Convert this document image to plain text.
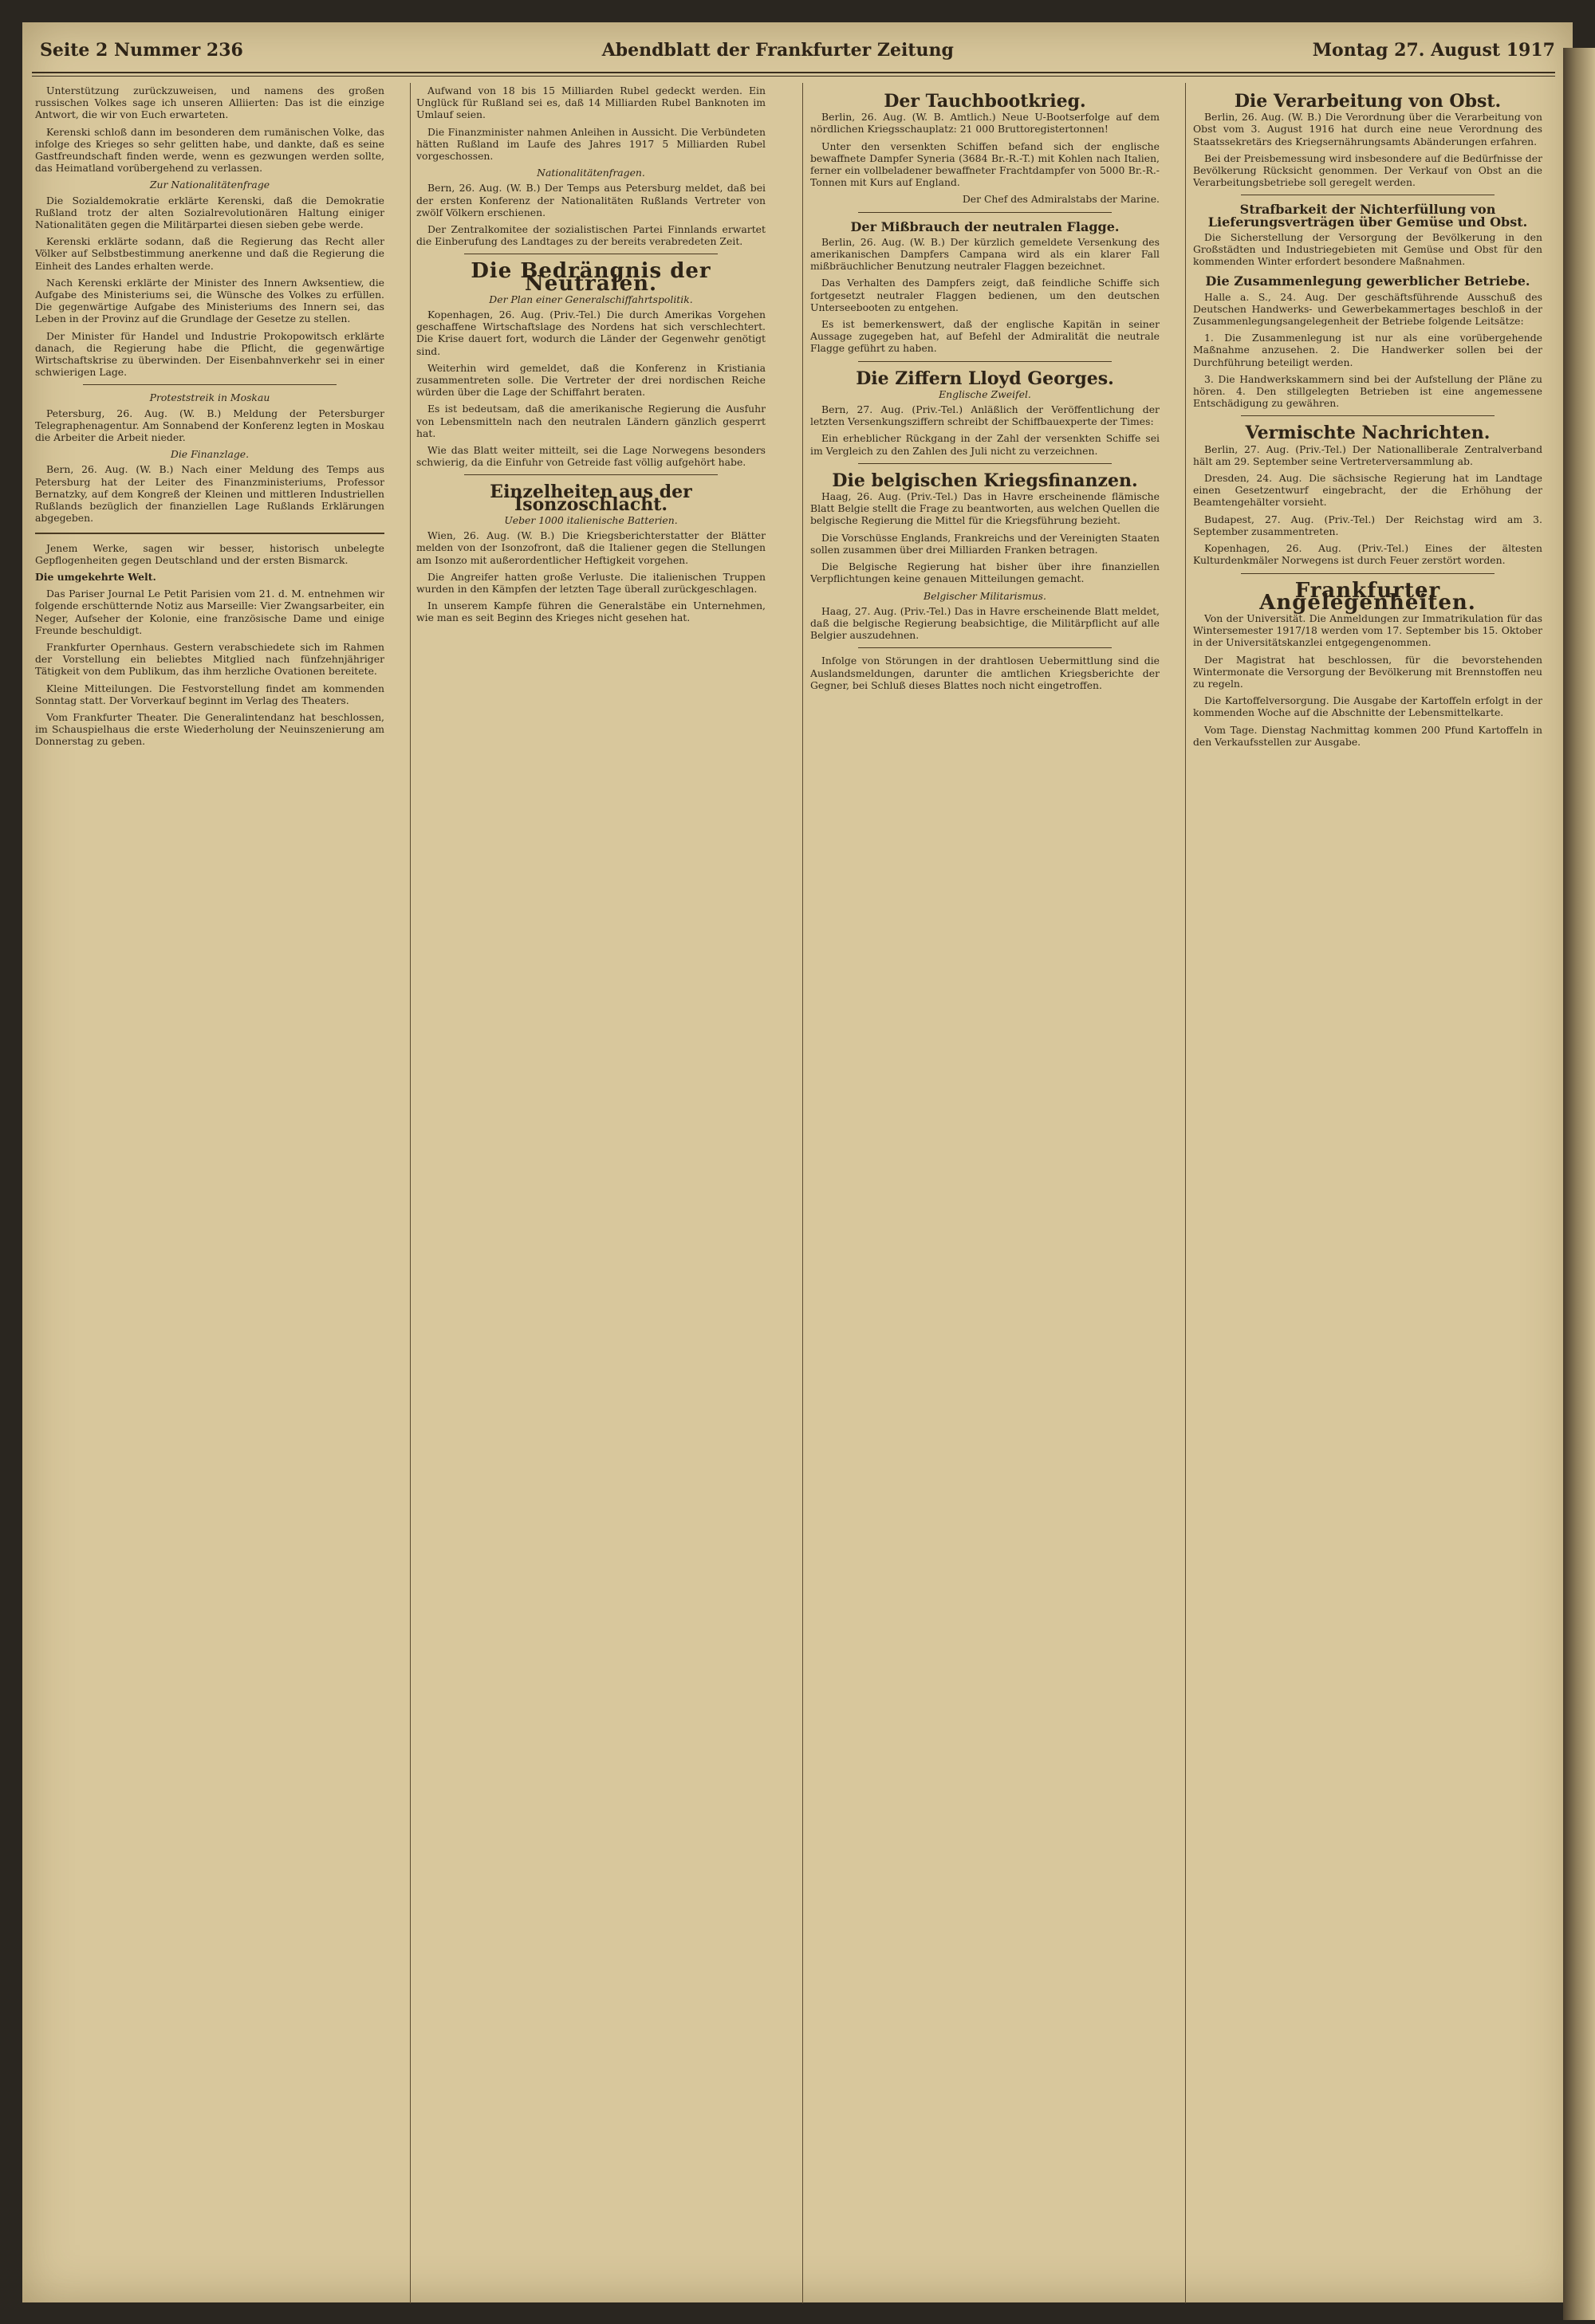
Seite 2 Nummer 236	Abendblatt der Frankfurter Zeitung	Montag 27. August 1917

Unterstützung zurückzuweisen, und namens des großen russischen Volkes sage ich unseren Alliierten: Das ist die einzige Antwort, die wir von Euch erwarteten.

Kerenski schloß dann im besonderen dem rumänischen Volke, das infolge des Krieges so sehr gelitten habe, und dankte, daß es seine Gastfreundschaft finden werde, wenn es gezwungen werden sollte, das Heimatland vorübergehend zu verlassen.

Zur Nationalitätenfrage

Die Sozialdemokratie erklärte Kerenski, daß die Demokratie Rußland trotz der alten Sozialrevolutionären Haltung einiger Nationalitäten gegen die Militärpartei diesen sieben gebe werde.

Kerenski erklärte sodann, daß die Regierung das Recht aller Völker auf Selbstbestimmung anerkenne und daß die Regierung die Einheit des Landes erhalten werde.

Nach Kerenski erklärte der Minister des Innern Awksentiew, die Aufgabe des Ministeriums sei, die Wünsche des Volkes zu erfüllen. Die gegenwärtige Aufgabe des Ministeriums des Innern sei, das Leben in der Provinz auf die Grundlage der Gesetze zu stellen.

Der Minister für Handel und Industrie Prokopowitsch erklärte danach, die Regierung habe die Pflicht, die gegenwärtige Wirtschaftskrise zu überwinden. Der Eisenbahnverkehr sei in einer schwierigen Lage.

Proteststreik in Moskau

Petersburg, 26. Aug. (W. B.) Meldung der Petersburger Telegraphenagentur. Am Sonnabend der Konferenz legten in Moskau die Arbeiter die Arbeit nieder.

Die Finanzlage.

Bern, 26. Aug. (W. B.) Nach einer Meldung des Temps aus Petersburg hat der Leiter des Finanzministeriums, Professor Bernatzky, auf dem Kongreß der Kleinen und mittleren Industriellen Rußlands bezüglich der finanziellen Lage Rußlands Erklärungen abgegeben.

Jenem Werke, sagen wir besser, historisch unbelegte Gepflogenheiten gegen Deutschland und der ersten Bismarck.

Die umgekehrte Welt.

Das Pariser Journal Le Petit Parisien vom 21. d. M. entnehmen wir folgende erschütternde Notiz aus Marseille: Vier Zwangsarbeiter, ein Neger, Aufseher der Kolonie, eine französische Dame und einige Freunde beschuldigt.

Frankfurter Opernhaus. Gestern verabschiedete sich im Rahmen der Vorstellung ein beliebtes Mitglied nach fünfzehnjähriger Tätigkeit von dem Publikum, das ihm herzliche Ovationen bereitete.

Kleine Mitteilungen. Die Festvorstellung findet am kommenden Sonntag statt. Der Vorverkauf beginnt im Verlag des Theaters.

Vom Frankfurter Theater. Die Generalintendanz hat beschlossen, im Schauspielhaus die erste Wiederholung der Neuinszenierung am Donnerstag zu geben.

Aufwand von 18 bis 15 Milliarden Rubel gedeckt werden. Ein Unglück für Rußland sei es, daß 14 Milliarden Rubel Banknoten im Umlauf seien.

Die Finanzminister nahmen Anleihen in Aussicht. Die Verbündeten hätten Rußland im Laufe des Jahres 1917 5 Milliarden Rubel vorgeschossen.

Nationalitätenfragen.

Bern, 26. Aug. (W. B.) Der Temps aus Petersburg meldet, daß bei der ersten Konferenz der Nationalitäten Rußlands Vertreter von zwölf Völkern erschienen.

Der Zentralkomitee der sozialistischen Partei Finnlands erwartet die Einberufung des Landtages zu der bereits verabredeten Zeit.

Die Bedrängnis der Neutralen.
Der Plan einer Generalschiffahrtspolitik.

Kopenhagen, 26. Aug. (Priv.-Tel.) Die durch Amerikas Vorgehen geschaffene Wirtschaftslage des Nordens hat sich verschlechtert. Die Krise dauert fort, wodurch die Länder der Gegenwehr genötigt sind.

Weiterhin wird gemeldet, daß die Konferenz in Kristiania zusammentreten solle. Die Vertreter der drei nordischen Reiche würden über die Lage der Schiffahrt beraten.

Es ist bedeutsam, daß die amerikanische Regierung die Ausfuhr von Lebensmitteln nach den neutralen Ländern gänzlich gesperrt hat.

Wie das Blatt weiter mitteilt, sei die Lage Norwegens besonders schwierig, da die Einfuhr von Getreide fast völlig aufgehört habe.

Einzelheiten aus der Isonzoschlacht.
Ueber 1000 italienische Batterien.

Wien, 26. Aug. (W. B.) Die Kriegsberichterstatter der Blätter melden von der Isonzofront, daß die Italiener gegen die Stellungen am Isonzo mit außerordentlicher Heftigkeit vorgehen.

Die Angreifer hatten große Verluste. Die italienischen Truppen wurden in den Kämpfen der letzten Tage überall zurückgeschlagen.

In unserem Kampfe führen die Generalstäbe ein Unternehmen, wie man es seit Beginn des Krieges nicht gesehen hat.

Der Tauchbootkrieg.

Berlin, 26. Aug. (W. B. Amtlich.) Neue U-Bootserfolge auf dem nördlichen Kriegsschauplatz: 21 000 Bruttoregistertonnen!

Unter den versenkten Schiffen befand sich der englische bewaffnete Dampfer Syneria (3684 Br.-R.-T.) mit Kohlen nach Italien, ferner ein vollbeladener bewaffneter Frachtdampfer von 5000 Br.-R.-Tonnen mit Kurs auf England.

Der Chef des Admiralstabs der Marine.

Der Mißbrauch der neutralen Flagge.

Berlin, 26. Aug. (W. B.) Der kürzlich gemeldete Versenkung des amerikanischen Dampfers Campana wird als ein klarer Fall mißbräuchlicher Benutzung neutraler Flaggen bezeichnet.

Das Verhalten des Dampfers zeigt, daß feindliche Schiffe sich fortgesetzt neutraler Flaggen bedienen, um den deutschen Unterseebooten zu entgehen.

Es ist bemerkenswert, daß der englische Kapitän in seiner Aussage zugegeben hat, auf Befehl der Admiralität die neutrale Flagge geführt zu haben.

Die Ziffern Lloyd Georges.
Englische Zweifel.

Bern, 27. Aug. (Priv.-Tel.) Anläßlich der Veröffentlichung der letzten Versenkungsziffern schreibt der Schiffbauexperte der Times:

Ein erheblicher Rückgang in der Zahl der versenkten Schiffe sei im Vergleich zu den Zahlen des Juli nicht zu verzeichnen.

Die belgischen Kriegsfinanzen.

Haag, 26. Aug. (Priv.-Tel.) Das in Havre erscheinende flämische Blatt Belgie stellt die Frage zu beantworten, aus welchen Quellen die belgische Regierung die Mittel für die Kriegsführung bezieht.

Die Vorschüsse Englands, Frankreichs und der Vereinigten Staaten sollen zusammen über drei Milliarden Franken betragen.

Die Belgische Regierung hat bisher über ihre finanziellen Verpflichtungen keine genauen Mitteilungen gemacht.

Belgischer Militarismus.

Haag, 27. Aug. (Priv.-Tel.) Das in Havre erscheinende Blatt meldet, daß die belgische Regierung beabsichtige, die Militärpflicht auf alle Belgier auszudehnen.

Infolge von Störungen in der drahtlosen Uebermittlung sind die Auslandsmeldungen, darunter die amtlichen Kriegsberichte der Gegner, bei Schluß dieses Blattes noch nicht eingetroffen.

Die Verarbeitung von Obst.

Berlin, 26. Aug. (W. B.) Die Verordnung über die Verarbeitung von Obst vom 3. August 1916 hat durch eine neue Verordnung des Staatssekretärs des Kriegsernährungsamts Abänderungen erfahren.

Bei der Preisbemessung wird insbesondere auf die Bedürfnisse der Bevölkerung Rücksicht genommen. Der Verkauf von Obst an die Verarbeitungsbetriebe soll geregelt werden.

Strafbarkeit der Nichterfüllung von Lieferungsverträgen über Gemüse und Obst.

Die Sicherstellung der Versorgung der Bevölkerung in den Großstädten und Industriegebieten mit Gemüse und Obst für den kommenden Winter erfordert besondere Maßnahmen.

Die Zusammenlegung gewerblicher Betriebe.

Halle a. S., 24. Aug. Der geschäftsführende Ausschuß des Deutschen Handwerks- und Gewerbekammertages beschloß in der Zusammenlegungsangelegenheit der Betriebe folgende Leitsätze:

1. Die Zusammenlegung ist nur als eine vorübergehende Maßnahme anzusehen. 2. Die Handwerker sollen bei der Durchführung beteiligt werden.

3. Die Handwerkskammern sind bei der Aufstellung der Pläne zu hören. 4. Den stillgelegten Betrieben ist eine angemessene Entschädigung zu gewähren.

Vermischte Nachrichten.

Berlin, 27. Aug. (Priv.-Tel.) Der Nationalliberale Zentralverband hält am 29. September seine Vertreterversammlung ab.

Dresden, 24. Aug. Die sächsische Regierung hat im Landtage einen Gesetzentwurf eingebracht, der die Erhöhung der Beamtengehälter vorsieht.

Budapest, 27. Aug. (Priv.-Tel.) Der Reichstag wird am 3. September zusammentreten.

Kopenhagen, 26. Aug. (Priv.-Tel.) Eines der ältesten Kulturdenkmäler Norwegens ist durch Feuer zerstört worden.

Frankfurter Angelegenheiten.

Von der Universität. Die Anmeldungen zur Immatrikulation für das Wintersemester 1917/18 werden vom 17. September bis 15. Oktober in der Universitätskanzlei entgegengenommen.

Der Magistrat hat beschlossen, für die bevorstehenden Wintermonate die Versorgung der Bevölkerung mit Brennstoffen neu zu regeln.

Die Kartoffelversorgung. Die Ausgabe der Kartoffeln erfolgt in der kommenden Woche auf die Abschnitte der Lebensmittelkarte.

Vom Tage. Dienstag Nachmittag kommen 200 Pfund Kartoffeln in den Verkaufsstellen zur Ausgabe.
